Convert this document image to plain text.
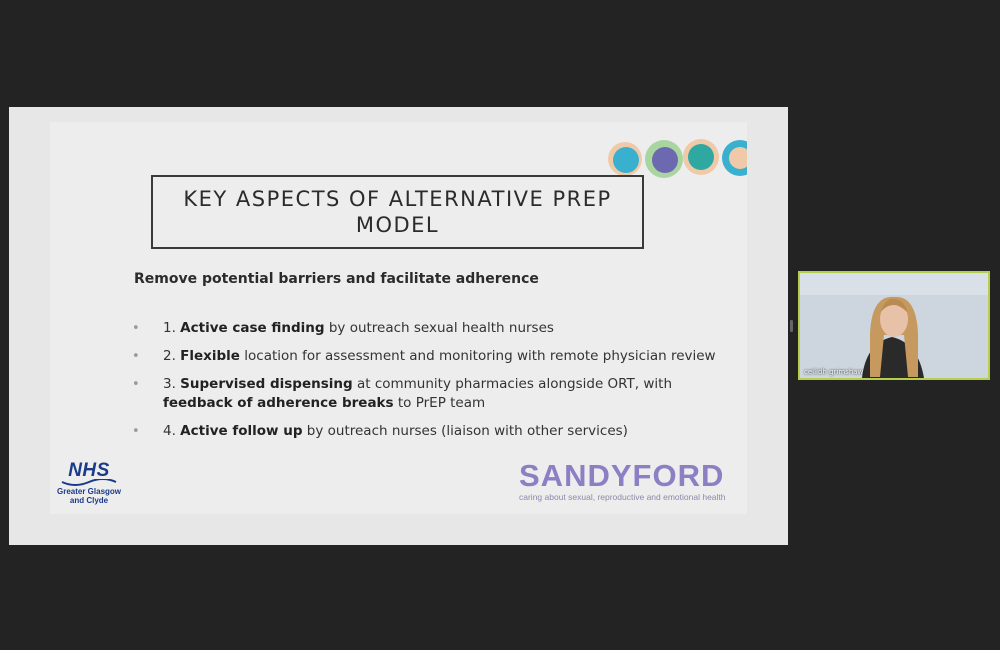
KEY ASPECTS OF ALTERNATIVE PREP MODEL
Remove potential barriers and facilitate adherence
• 1. Active case finding by outreach sexual health nurses
• 2. Flexible location for assessment and monitoring with remote physician review
• 3. Supervised dispensing at community pharmacies alongside ORT, with feedback of adherence breaks to PrEP team
• 4. Active follow up by outreach nurses (liaison with other services)
NHS
Greater Glasgow
and Clyde
SANDYFORD
caring about sexual, reproductive and emotional health
ceilidh grimshaw
